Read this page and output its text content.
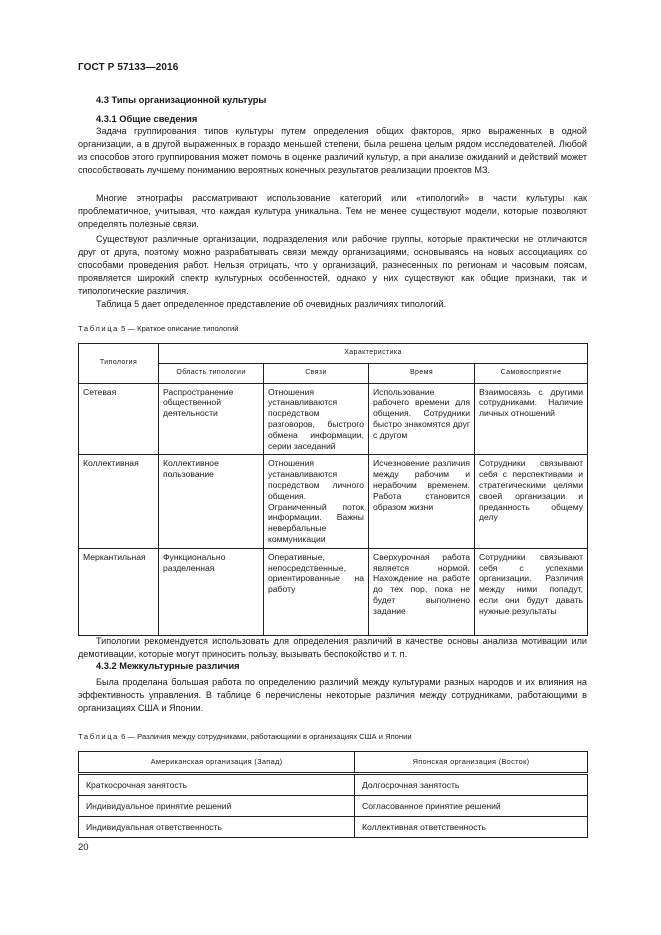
ГОСТ Р 57133—2016
4.3 Типы организационной культуры
4.3.1 Общие сведения

Задача группирования типов культуры путем определения общих факторов, ярко выраженных в одной организации, а в другой выраженных в гораздо меньшей степени, была решена целым рядом исследователей. Любой из способов этого группирования может помочь в оценке различий культур, а при анализе ожиданий и действий может способствовать лучшему пониманию вероятных конечных результатов реализации проектов МЗ.

Многие этнографы рассматривают использование категорий или «типологий» в части культуры как проблематичное, учитывая, что каждая культура уникальна. Тем не менее существуют модели, которые позволяют определять полезные связи.

Существуют различные организации, подразделения или рабочие группы, которые практически не отличаются друг от друга, поэтому можно разрабатывать связи между организациями, основываясь на новых ассоциациях со способами проведения работ. Нельзя отрицать, что у организаций, разнесенных по регионам и часовым поясам, проявляется широкий спектр культурных особенностей, однако у них существуют как общие признаки, так и типологические различия.

Таблица 5 дает определенное представление об очевидных различиях типологий.

Таблица 5 — Краткое описание типологий
Типология	Характеристика			
	Область типологии	Связи	Время	Самовосприятие
Сетевая	Распространение общественной деятельности	Отношения устанавливаются посредством разговоров, быстрого обмена информации, серии заседаний	Использование рабочего времени для общения. Сотрудники быстро знакомятся друг с другом	Взаимосвязь с другими сотрудниками. Наличие личных отношений
Коллективная	Коллективное пользование	Отношения устанавливаются посредством личного общения. Ограниченный поток информации. Важны невербальные коммуникации	Исчезновение различия между рабочим и нерабочим временем. Работа становится образом жизни	Сотрудники связывают себя с перспективами и стратегическими целями своей организации и преданность общему делу
Меркантильная	Функционально разделенная	Оперативные, непосредственные, ориентированные на работу	Сверхурочная работа является нормой. Нахождение на работе до тех пор, пока не будет выполнено задание	Сотрудники связывают себя с успехами организации. Различия между ними попадут, если они будут давать нужные результаты

Типологии рекомендуется использовать для определения различий в качестве основы анализа мотивации или демотивации, которые могут приносить пользу, вызывать беспокойство и т. п.

4.3.2 Межкультурные различия

Была проделана большая работа по определению различий между культурами разных народов и их влияния на эффективность управления. В таблице 6 перечислены некоторые различия между сотрудниками, работающими в организациях США и Японии.

Таблица 6 — Различия между сотрудниками, работающими в организациях США и Японии
Американская организация (Запад)	Японская организация (Восток)
Краткосрочная занятость	Долгосрочная занятость
Индивидуальное принятие решений	Согласованное принятие решений
Индивидуальная ответственность	Коллективная ответственность
20
